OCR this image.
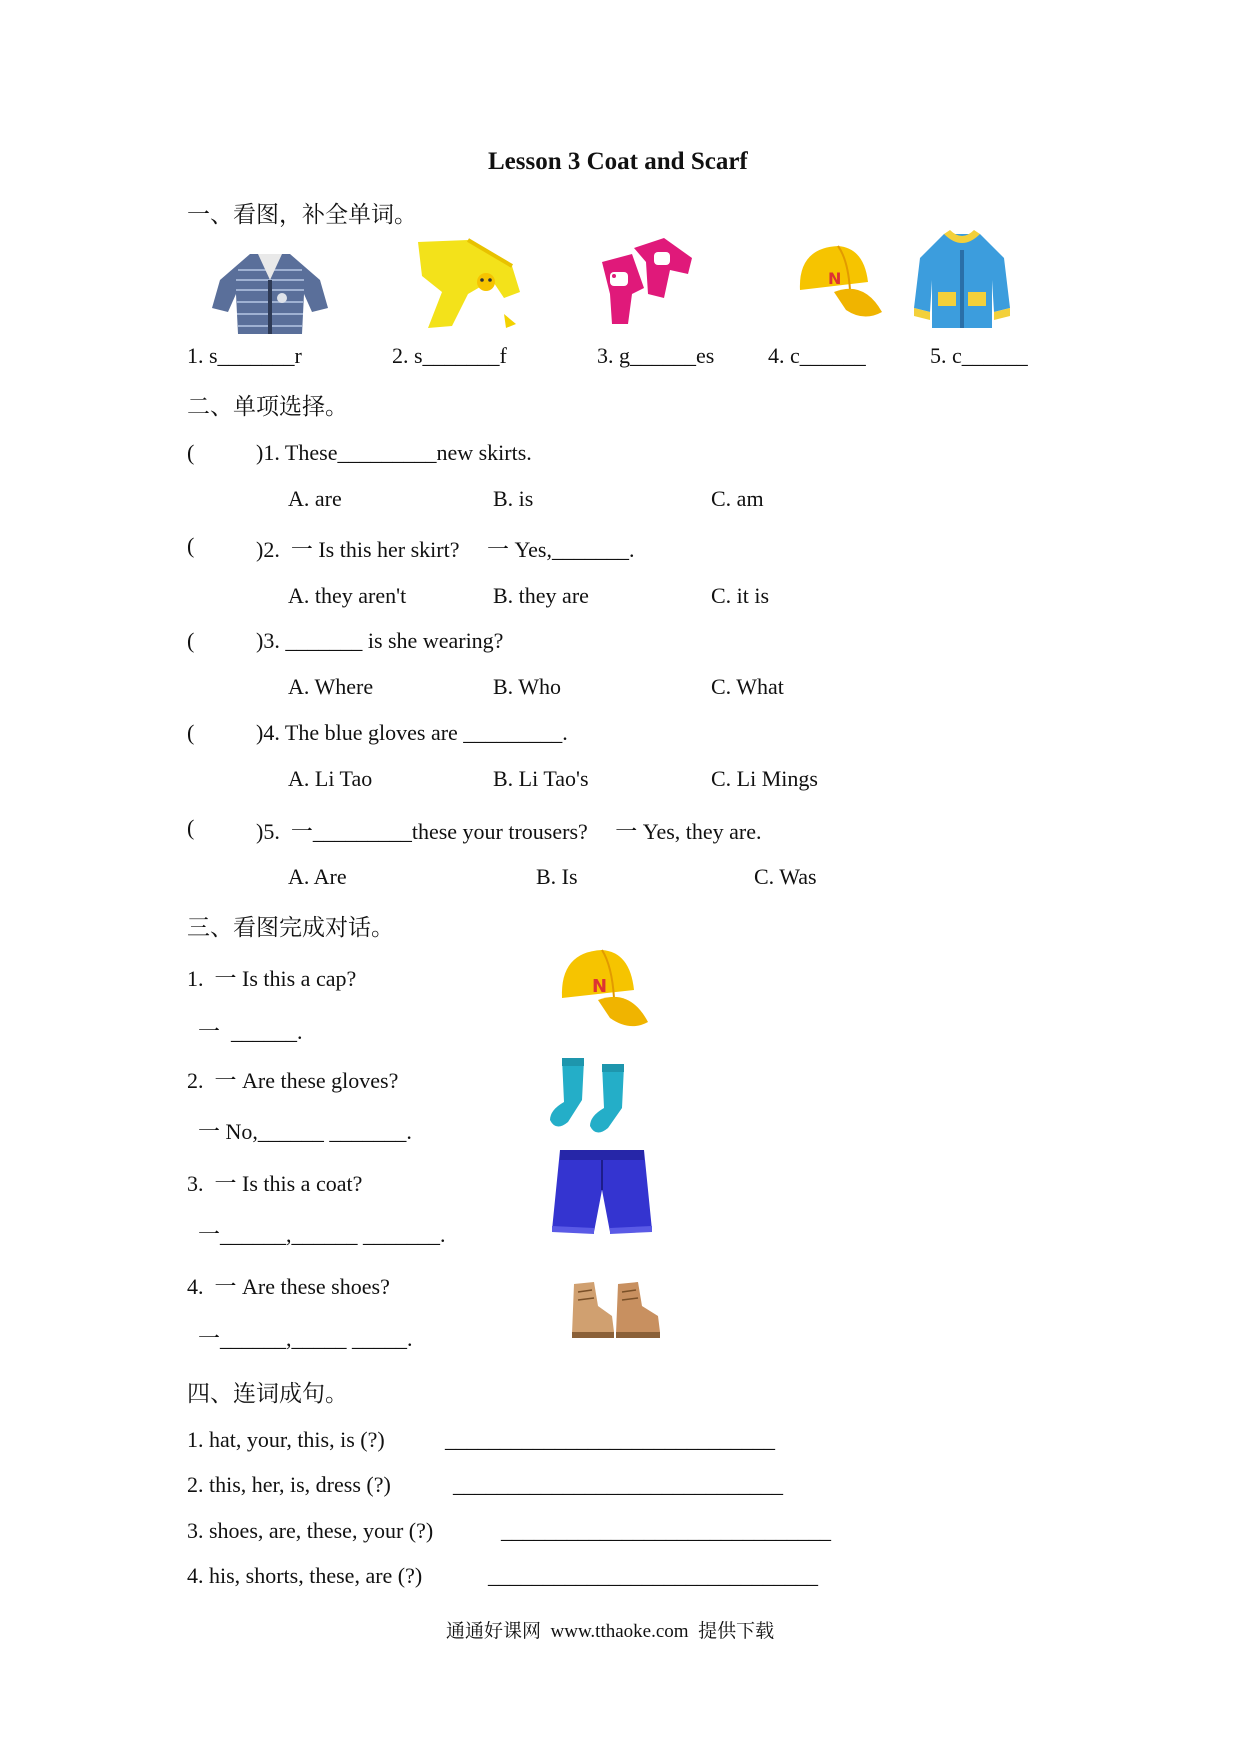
Lesson 3 Coat and Scarf
一、看图，补全单词。
N
1. s_______r	2. s_______f	3. g______es 4. c______	5. c______
二、单项选择。
(	)1. These_________new skirts.
A. are	B. is	C. am
(	)2.  一 Is this her skirt?     一 Yes,_______.
A. they aren't	B. they are	C. it is
(	)3. _______ is she wearing?
A. Where	B. Who	C. What
(	)4. The blue gloves are _________.
A. Li Tao	B. Li Tao's	C. Li Mings
(	)5.  一_________these your trousers?     一 Yes, they are.
A. Are	B. Is	C. Was
三、看图完成对话。
1.  一 Is this a cap?
一  ______.
N
2.  一 Are these gloves?
一 No,______ _______.
3.  一 Is this a coat?
一______,______ _______.
4.  一 Are these shoes?
一______,_____ _____.
四、连词成句。
1. hat, your, this, is (?)	______________________________
2. this, her, is, dress (?)	______________________________
3. shoes, are, these, your (?)	______________________________
4. his, shorts, these, are (?)	______________________________
通通好课网  www.tthaoke.com  提供下载
